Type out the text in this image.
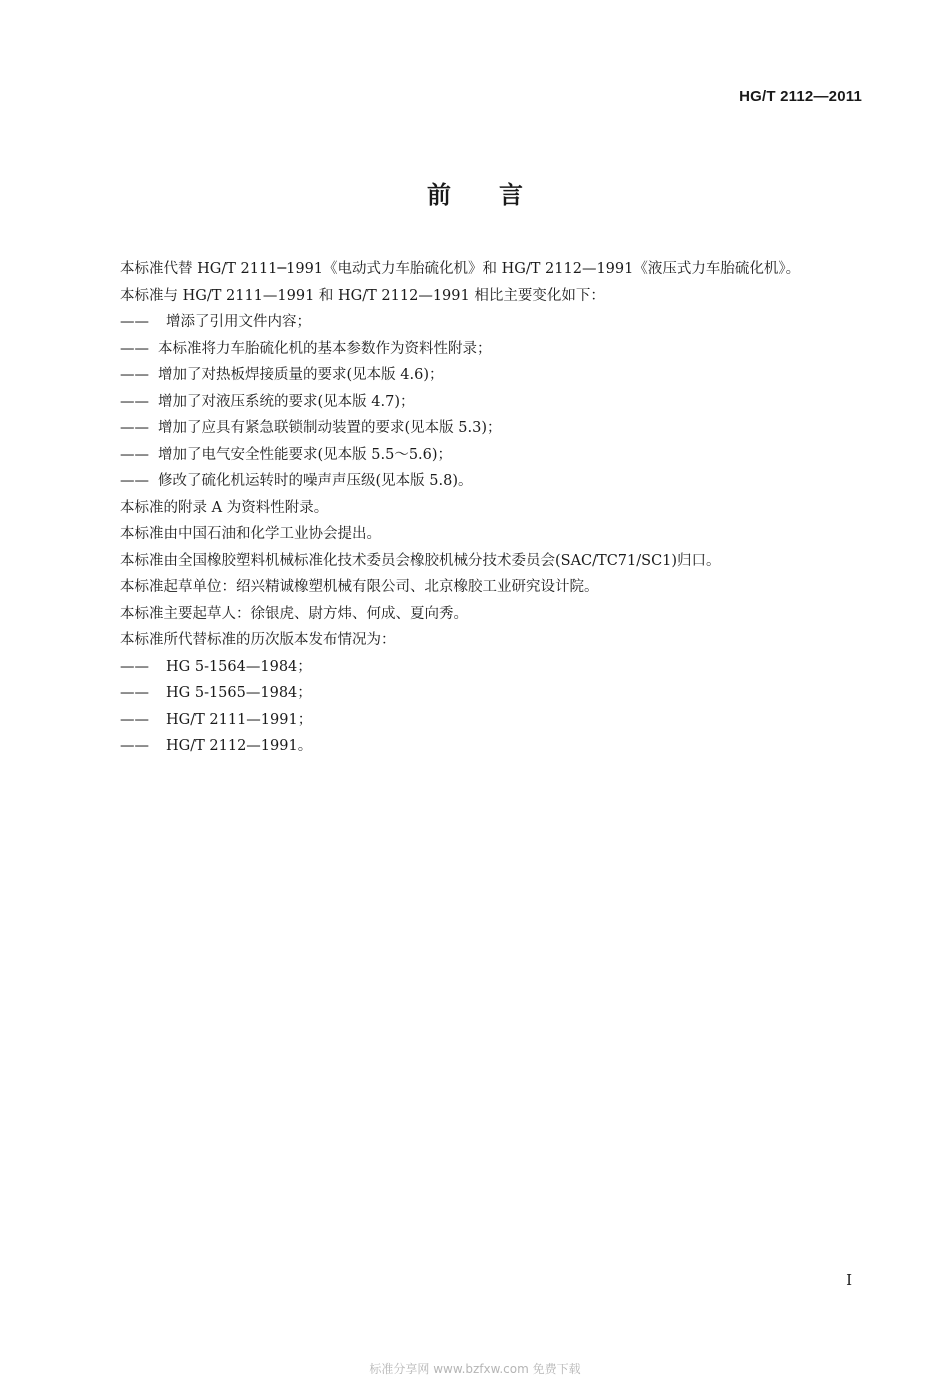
HG/T 2112—2011
前言
本标准代替 HG/T 2111─1991《电动式力车胎硫化机》和 HG/T 2112—1991《液压式力车胎硫化机》。
本标准与 HG/T 2111—1991 和 HG/T 2112—1991 相比主要变化如下：
—— 增添了引用文件内容；
—— 本标准将力车胎硫化机的基本参数作为资料性附录；
—— 增加了对热板焊接质量的要求(见本版 4.6)；
—— 增加了对液压系统的要求(见本版 4.7)；
—— 增加了应具有紧急联锁制动装置的要求(见本版 5.3)；
—— 增加了电气安全性能要求(见本版 5.5～5.6)；
—— 修改了硫化机运转时的噪声声压级(见本版 5.8)。
本标准的附录 A 为资料性附录。
本标准由中国石油和化学工业协会提出。
本标准由全国橡胶塑料机械标准化技术委员会橡胶机械分技术委员会(SAC/TC71/SC1)归口。
本标准起草单位：绍兴精诚橡塑机械有限公司、北京橡胶工业研究设计院。
本标准主要起草人：徐银虎、尉方炜、何成、夏向秀。
本标准所代替标准的历次版本发布情况为：
—— HG 5-1564—1984；
—— HG 5-1565—1984；
—— HG/T 2111—1991；
—— HG/T 2112—1991。
I
标准分享网 www.bzfxw.com 免费下载
